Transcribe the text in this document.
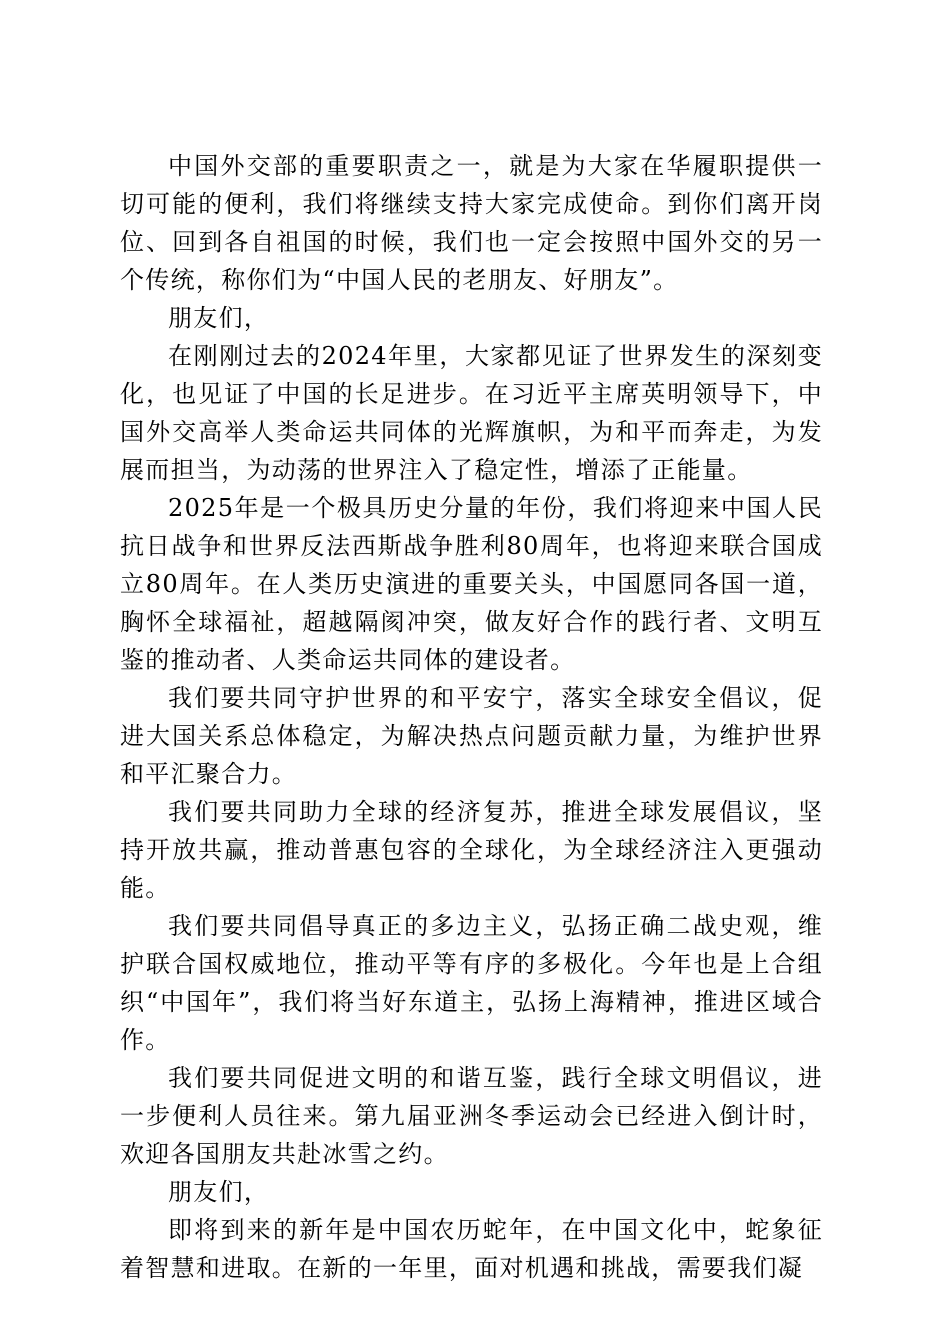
中国外交部的重要职责之一，就是为大家在华履职提供一切可能的便利，我们将继续支持大家完成使命。到你们离开岗位、回到各自祖国的时候，我们也一定会按照中国外交的另一个传统，称你们为“中国人民的老朋友、好朋友”。

朋友们，

在刚刚过去的2024年里，大家都见证了世界发生的深刻变化，也见证了中国的长足进步。在习近平主席英明领导下，中国外交高举人类命运共同体的光辉旗帜，为和平而奔走，为发展而担当，为动荡的世界注入了稳定性，增添了正能量。

2025年是一个极具历史分量的年份，我们将迎来中国人民抗日战争和世界反法西斯战争胜利80周年，也将迎来联合国成立80周年。在人类历史演进的重要关头，中国愿同各国一道，胸怀全球福祉，超越隔阂冲突，做友好合作的践行者、文明互鉴的推动者、人类命运共同体的建设者。

我们要共同守护世界的和平安宁，落实全球安全倡议，促进大国关系总体稳定，为解决热点问题贡献力量，为维护世界和平汇聚合力。

我们要共同助力全球的经济复苏，推进全球发展倡议，坚持开放共赢，推动普惠包容的全球化，为全球经济注入更强动能。

我们要共同倡导真正的多边主义，弘扬正确二战史观，维护联合国权威地位，推动平等有序的多极化。今年也是上合组织“中国年”，我们将当好东道主，弘扬上海精神，推进区域合作。

我们要共同促进文明的和谐互鉴，践行全球文明倡议，进一步便利人员往来。第九届亚洲冬季运动会已经进入倒计时，欢迎各国朋友共赴冰雪之约。

朋友们，

即将到来的新年是中国农历蛇年，在中国文化中，蛇象征着智慧和进取。在新的一年里，面对机遇和挑战，需要我们凝
